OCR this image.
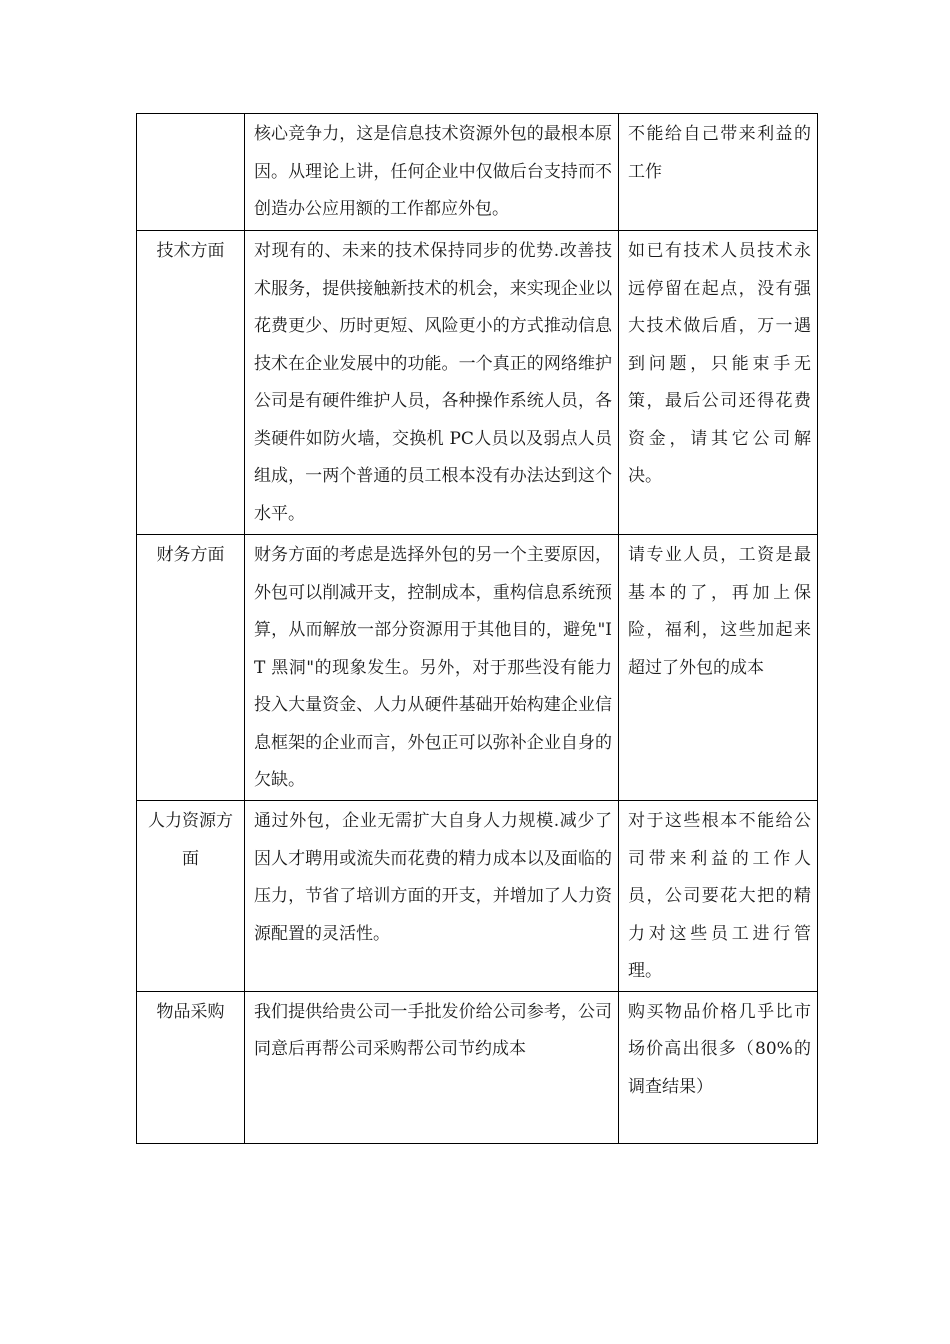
	核心竞争力，这是信息技术资源外包的最根本原因。从理论上讲，任何企业中仅做后台支持而不创造办公应用额的工作都应外包。	不能给自己带来利益的工作
技术方面	对现有的、未来的技术保持同步的优势.改善技术服务，提供接触新技术的机会，来实现企业以花费更少、历时更短、风险更小的方式推动信息技术在企业发展中的功能。一个真正的网络维护公司是有硬件维护人员，各种操作系统人员，各类硬件如防火墙，交换机 PC人员以及弱点人员组成，一两个普通的员工根本没有办法达到这个水平。	如已有技术人员技术永远停留在起点，没有强大技术做后盾，万一遇到问题，只能束手无策，最后公司还得花费资金，请其它公司解决。
财务方面	财务方面的考虑是选择外包的另一个主要原因，外包可以削减开支，控制成本，重构信息系统预算，从而解放一部分资源用于其他目的，避免"IT 黑洞"的现象发生。另外，对于那些没有能力投入大量资金、人力从硬件基础开始构建企业信息框架的企业而言，外包正可以弥补企业自身的欠缺。	请专业人员，工资是最基本的了，再加上保险，福利，这些加起来超过了外包的成本
人力资源方面	通过外包，企业无需扩大自身人力规模.减少了因人才聘用或流失而花费的精力成本以及面临的压力，节省了培训方面的开支，并增加了人力资源配置的灵活性。	对于这些根本不能给公司带来利益的工作人员，公司要花大把的精力对这些员工进行管理。
物品采购	我们提供给贵公司一手批发价给公司参考，公司同意后再帮公司采购帮公司节约成本	购买物品价格几乎比市场价高出很多（80%的调查结果）
